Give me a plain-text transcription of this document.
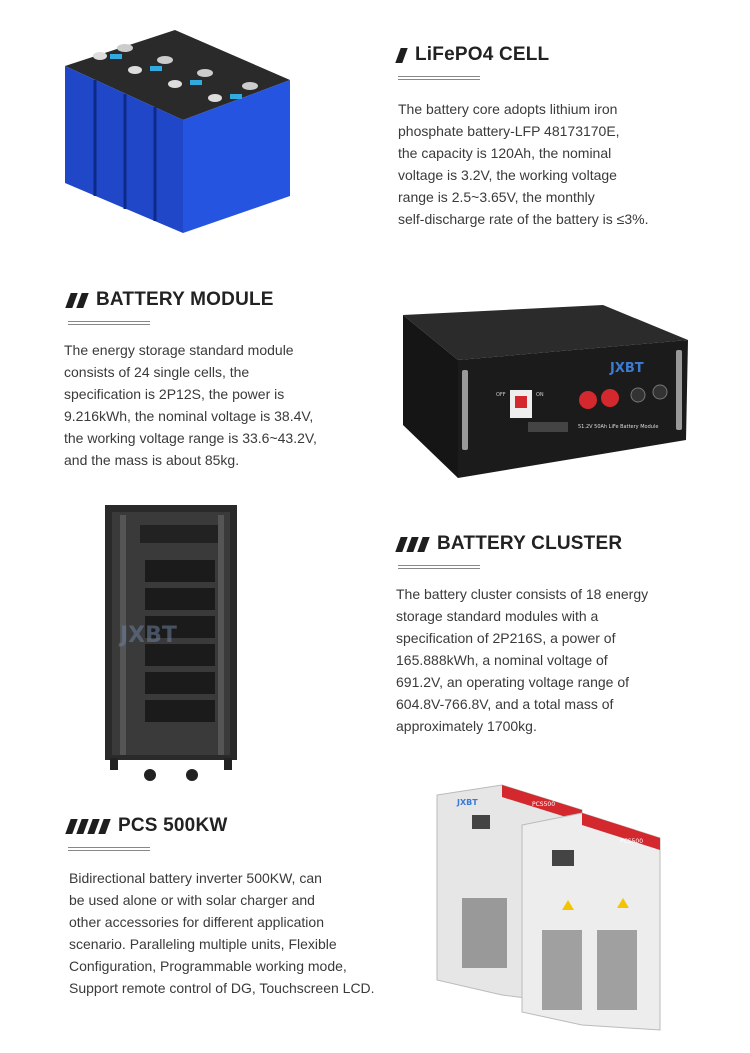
LiFePO4 CELL

The battery core adopts lithium iron

phosphate battery-LFP 48173170E,

the capacity is 120Ah, the nominal

voltage is 3.2V, the working voltage

range is 2.5~3.65V, the monthly

self-discharge rate of the battery is ≤3%.

BATTERY MODULE

The energy storage standard module

consists of 24 single cells, the

specification is 2P12S, the power is

9.216kWh, the nominal voltage is 38.4V,

the working voltage range is 33.6~43.2V,

and the mass is about 85kg.

OFF	ON
JXBT
51.2V 50Ah LiFe Battery Module
JXBT
BATTERY CLUSTER

The battery cluster consists of 18 energy

storage standard modules with a

specification of 2P216S, a power of

165.888kWh, a nominal voltage of

691.2V, an operating voltage range of

604.8V-766.8V, and a total mass of

approximately 1700kg.

PCS 500KW

Bidirectional battery inverter 500KW, can

be used alone or with solar charger and

other accessories for different application

scenario. Paralleling multiple units, Flexible

Configuration, Programmable working mode,

Support remote control of DG, Touchscreen LCD.

JXBT	PCS500
PCS500
